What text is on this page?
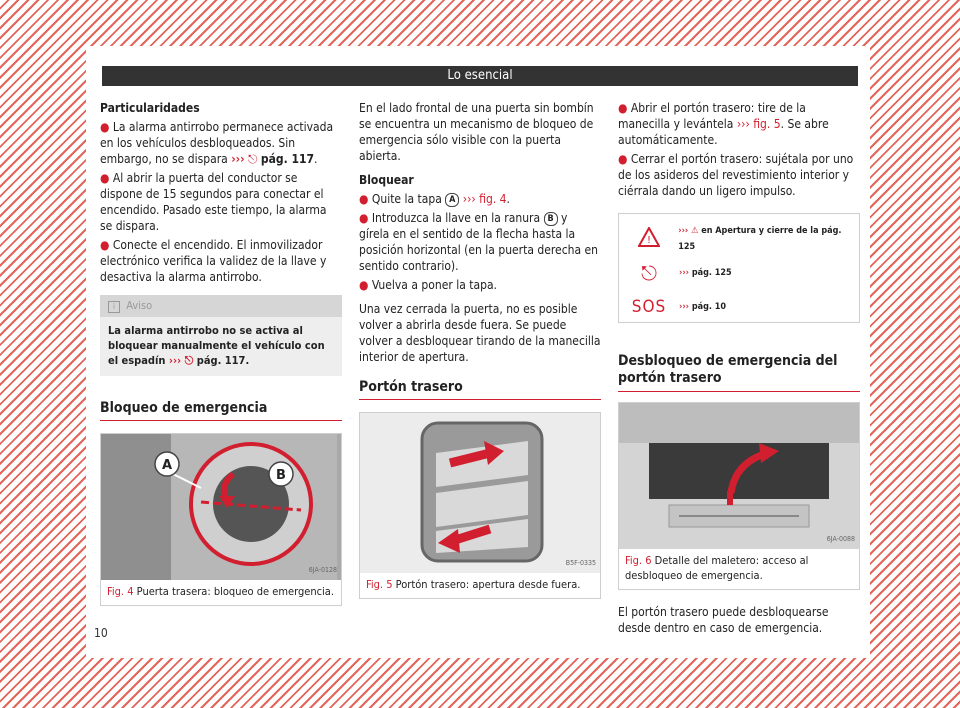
Lo esencial
Particularidades
● La alarma antirrobo permanece activada en los vehículos desbloqueados. Sin embargo, no se dispara ››› ⎋ pág. 117.
● Al abrir la puerta del conductor se dispone de 15 segundos para conectar el encendido. Pasado este tiempo, la alarma se dispara.
● Conecte el encendido. El inmovilizador electrónico verifica la validez de la llave y desactiva la alarma antirrobo.
i Aviso
La alarma antirrobo no se activa al bloquear manualmente el vehículo con el espadín ››› ⎋ pág. 117.
Bloqueo de emergencia
A
B
6JA-0128
Fig. 4 Puerta trasera: bloqueo de emergencia.

En el lado frontal de una puerta sin bombín se encuentra un mecanismo de bloqueo de emergencia sólo visible con la puerta abierta.

Bloquear
● Quite la tapa A ››› fig. 4.
● Introduzca la llave en la ranura B y gírela en el sentido de la flecha hasta la posición horizontal (en la puerta derecha en sentido contrario).
● Vuelva a poner la tapa.

Una vez cerrada la puerta, no es posible volver a abrirla desde fuera. Se puede volver a desbloquear tirando de la manecilla interior de apertura.

Portón trasero
B5F-0335
Fig. 5 Portón trasero: apertura desde fuera.
● Abrir el portón trasero: tire de la manecilla y levántela ››› fig. 5. Se abre automáticamente.
● Cerrar el portón trasero: sujétala por uno de los asideros del revestimiento interior y ciérrala dando un ligero impulso.
!
››› ⚠ en Apertura y cierre de la pág. 125
⎋	››› pág. 125
SOS	››› pág. 10
Desbloqueo de emergencia del portón trasero
6JA-0088
Fig. 6 Detalle del maletero: acceso al desbloqueo de emergencia.

El portón trasero puede desbloquearse desde dentro en caso de emergencia.

10
